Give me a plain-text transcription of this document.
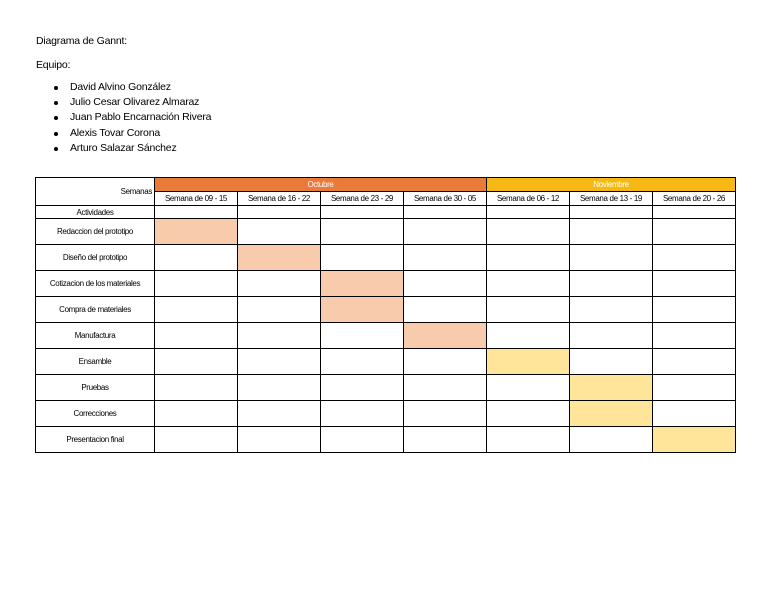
Diagrama de Gannt:
Equipo:
David Alvino González
Julio Cesar Olivarez Almaraz
Juan Pablo Encarnación Rivera
Alexis Tovar Corona
Arturo Salazar Sánchez
Semanas	Octubre				Noviembre		
	Semana de 09 - 15	Semana de 16 - 22	Semana de 23 - 29	Semana de 30 - 05	Semana de 06 - 12	Semana de 13 - 19	Semana de 20 - 26
Actividades							
Redaccion del prototipo							
Diseño del prototipo							
Cotizacion de los materiales							
Compra de materiales							
Manufactura							
Ensamble							
Pruebas							
Correcciones							
Presentacion final							
